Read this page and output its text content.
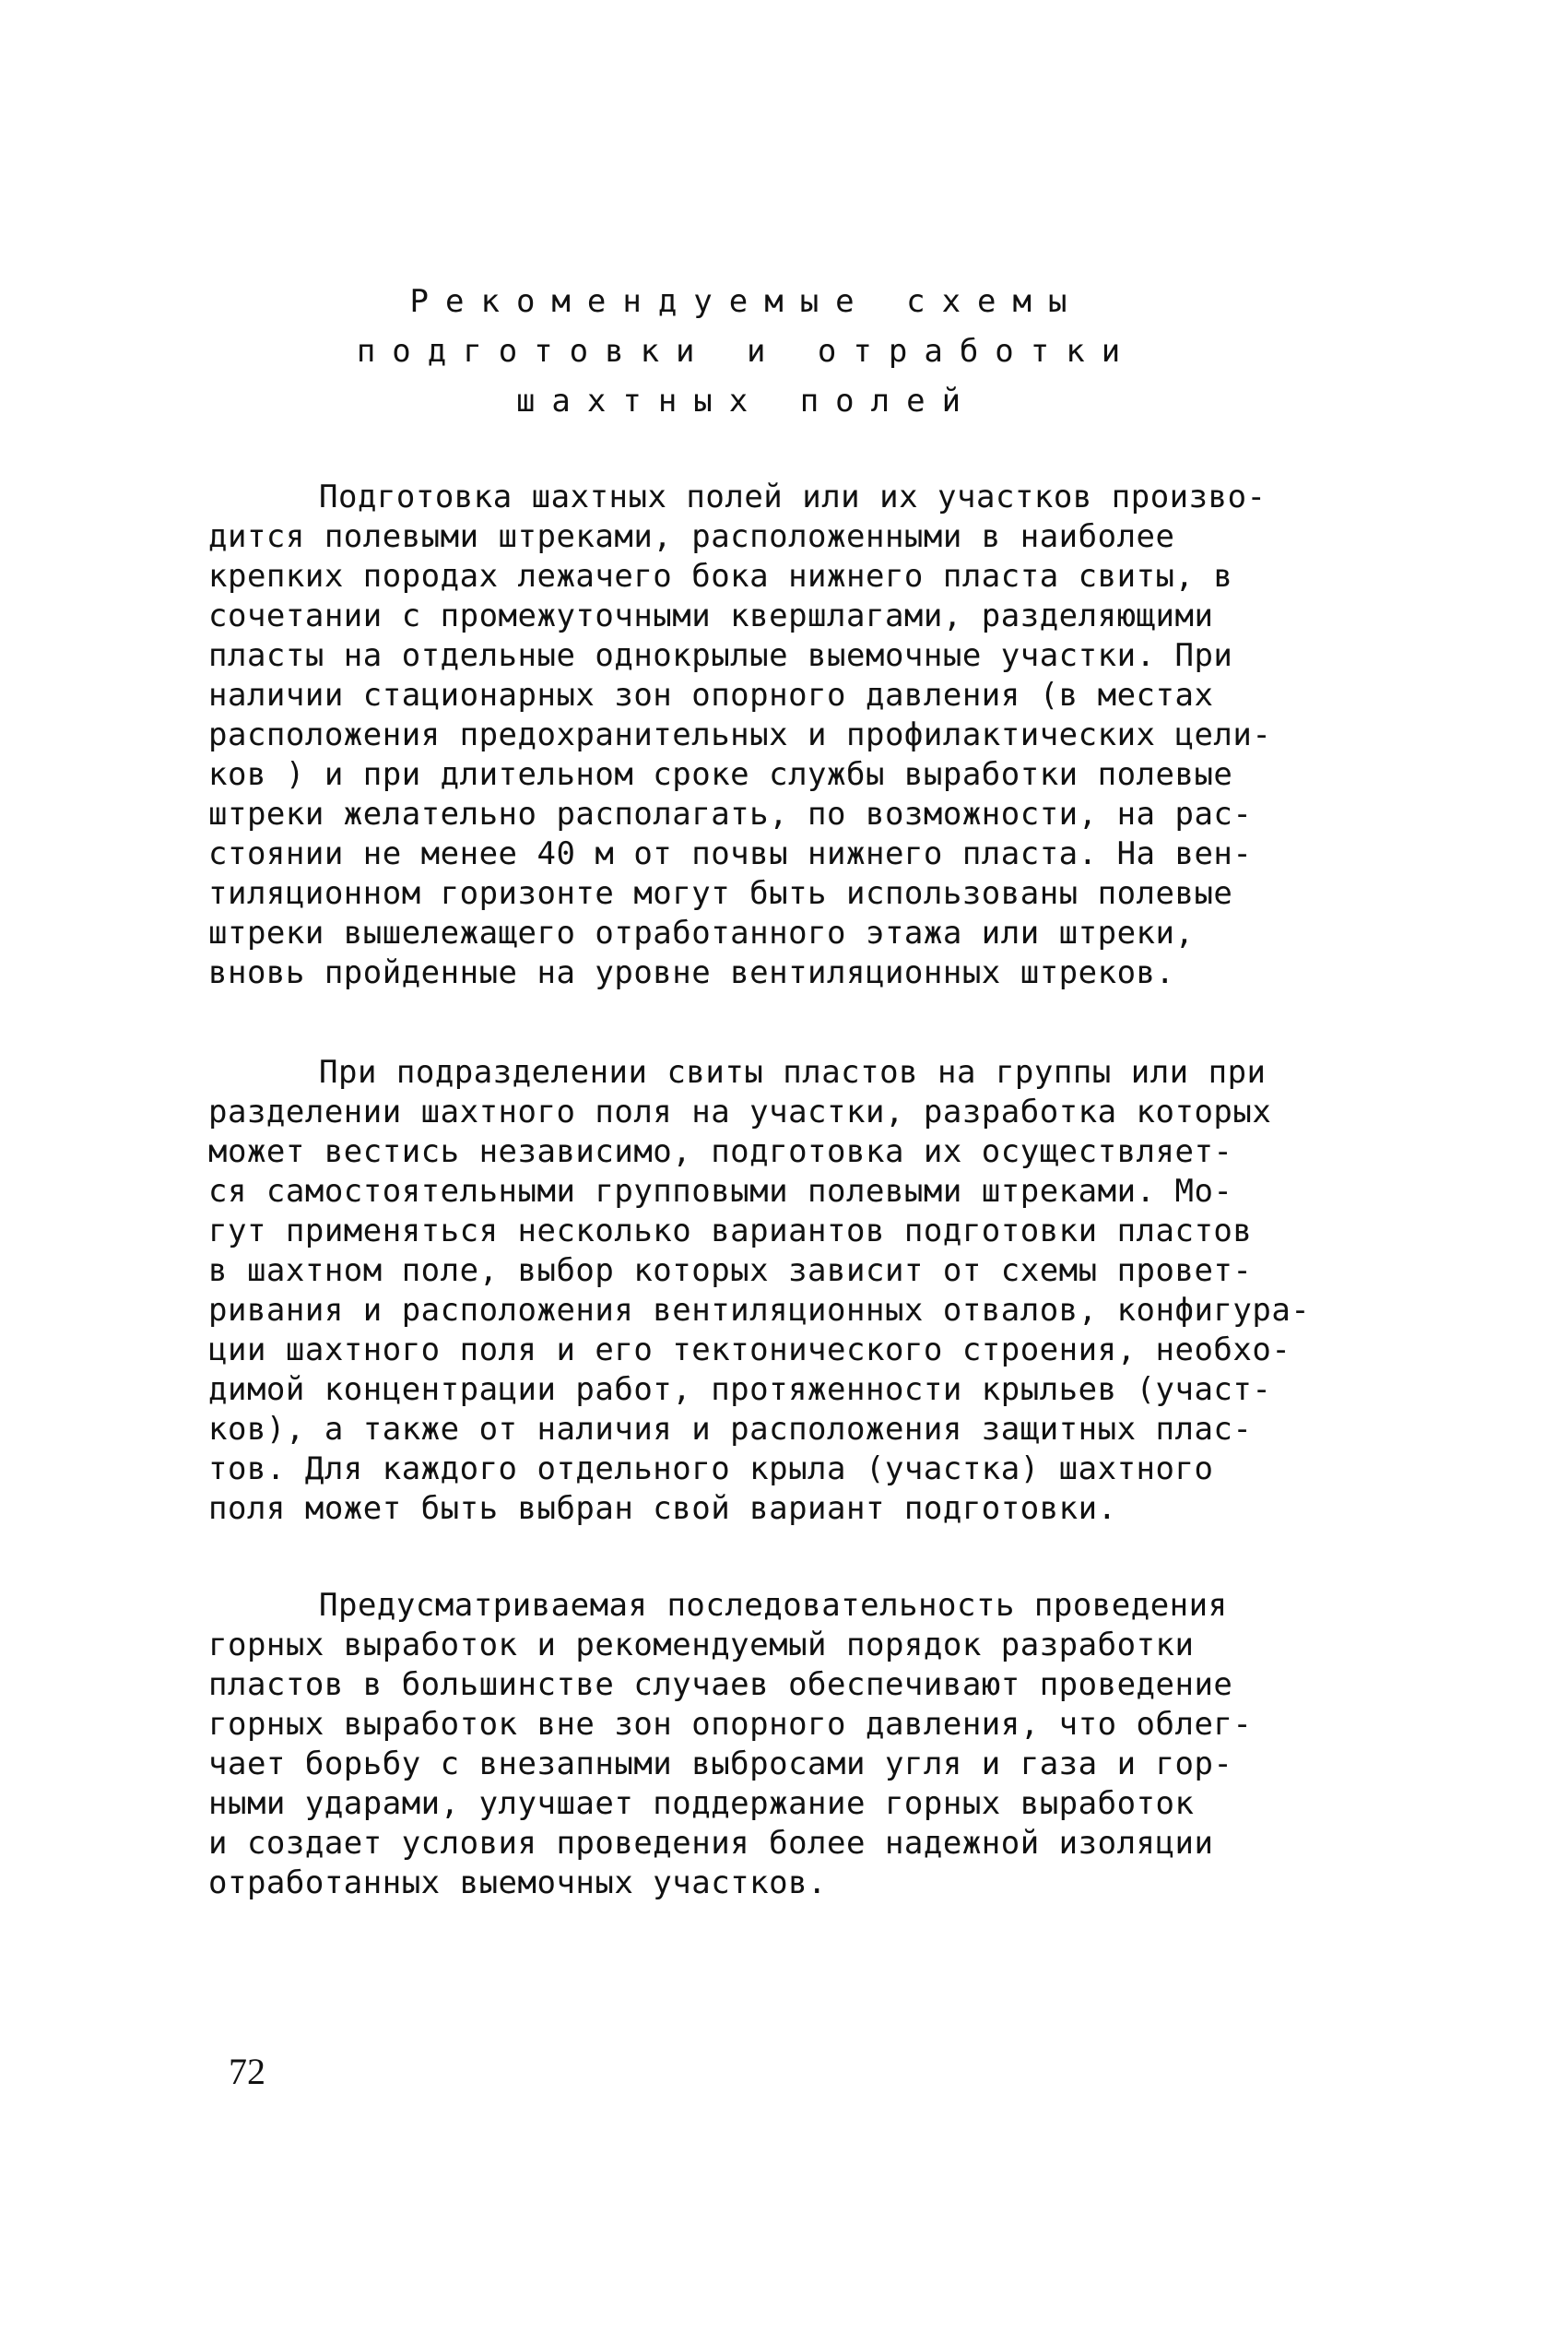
Рекомендуемые схемы
подготовки и отработки
шахтных полей
Подготовка шахтных полей или их участков произво-
дится полевыми штреками, расположенными в наиболее
крепких породах лежачего бока нижнего пласта свиты, в
сочетании с промежуточными квершлагами, разделяющими
пласты на отдельные однокрылые выемочные участки. При
наличии стационарных зон опорного давления (в местах
расположения предохранительных и профилактических цели-
ков ) и при длительном сроке службы выработки полевые
штреки желательно располагать, по возможности, на рас-
стоянии не менее 40 м от почвы нижнего пласта. На вен-
тиляционном горизонте могут быть использованы полевые
штреки вышележащего отработанного этажа или штреки,
вновь пройденные на уровне вентиляционных штреков.
При подразделении свиты пластов на группы или при
разделении шахтного поля на участки, разработка которых
может вестись независимо, подготовка их осуществляет-
ся самостоятельными групповыми полевыми штреками. Мо-
гут применяться несколько вариантов подготовки пластов
в шахтном поле, выбор которых зависит от схемы провет-
ривания и расположения вентиляционных отвалов, конфигура-
ции шахтного поля и его тектонического строения, необхо-
димой концентрации работ, протяженности крыльев (участ-
ков), а также от наличия и расположения защитных плас-
тов. Для каждого отдельного крыла (участка) шахтного
поля может быть выбран свой вариант подготовки.
Предусматриваемая последовательность проведения
горных выработок и рекомендуемый порядок разработки
пластов в большинстве случаев обеспечивают проведение
горных выработок вне зон опорного давления, что облег-
чает борьбу с внезапными выбросами угля и газа и гор-
ными ударами, улучшает поддержание горных выработок
и создает условия проведения более надежной изоляции
отработанных выемочных участков.
72
